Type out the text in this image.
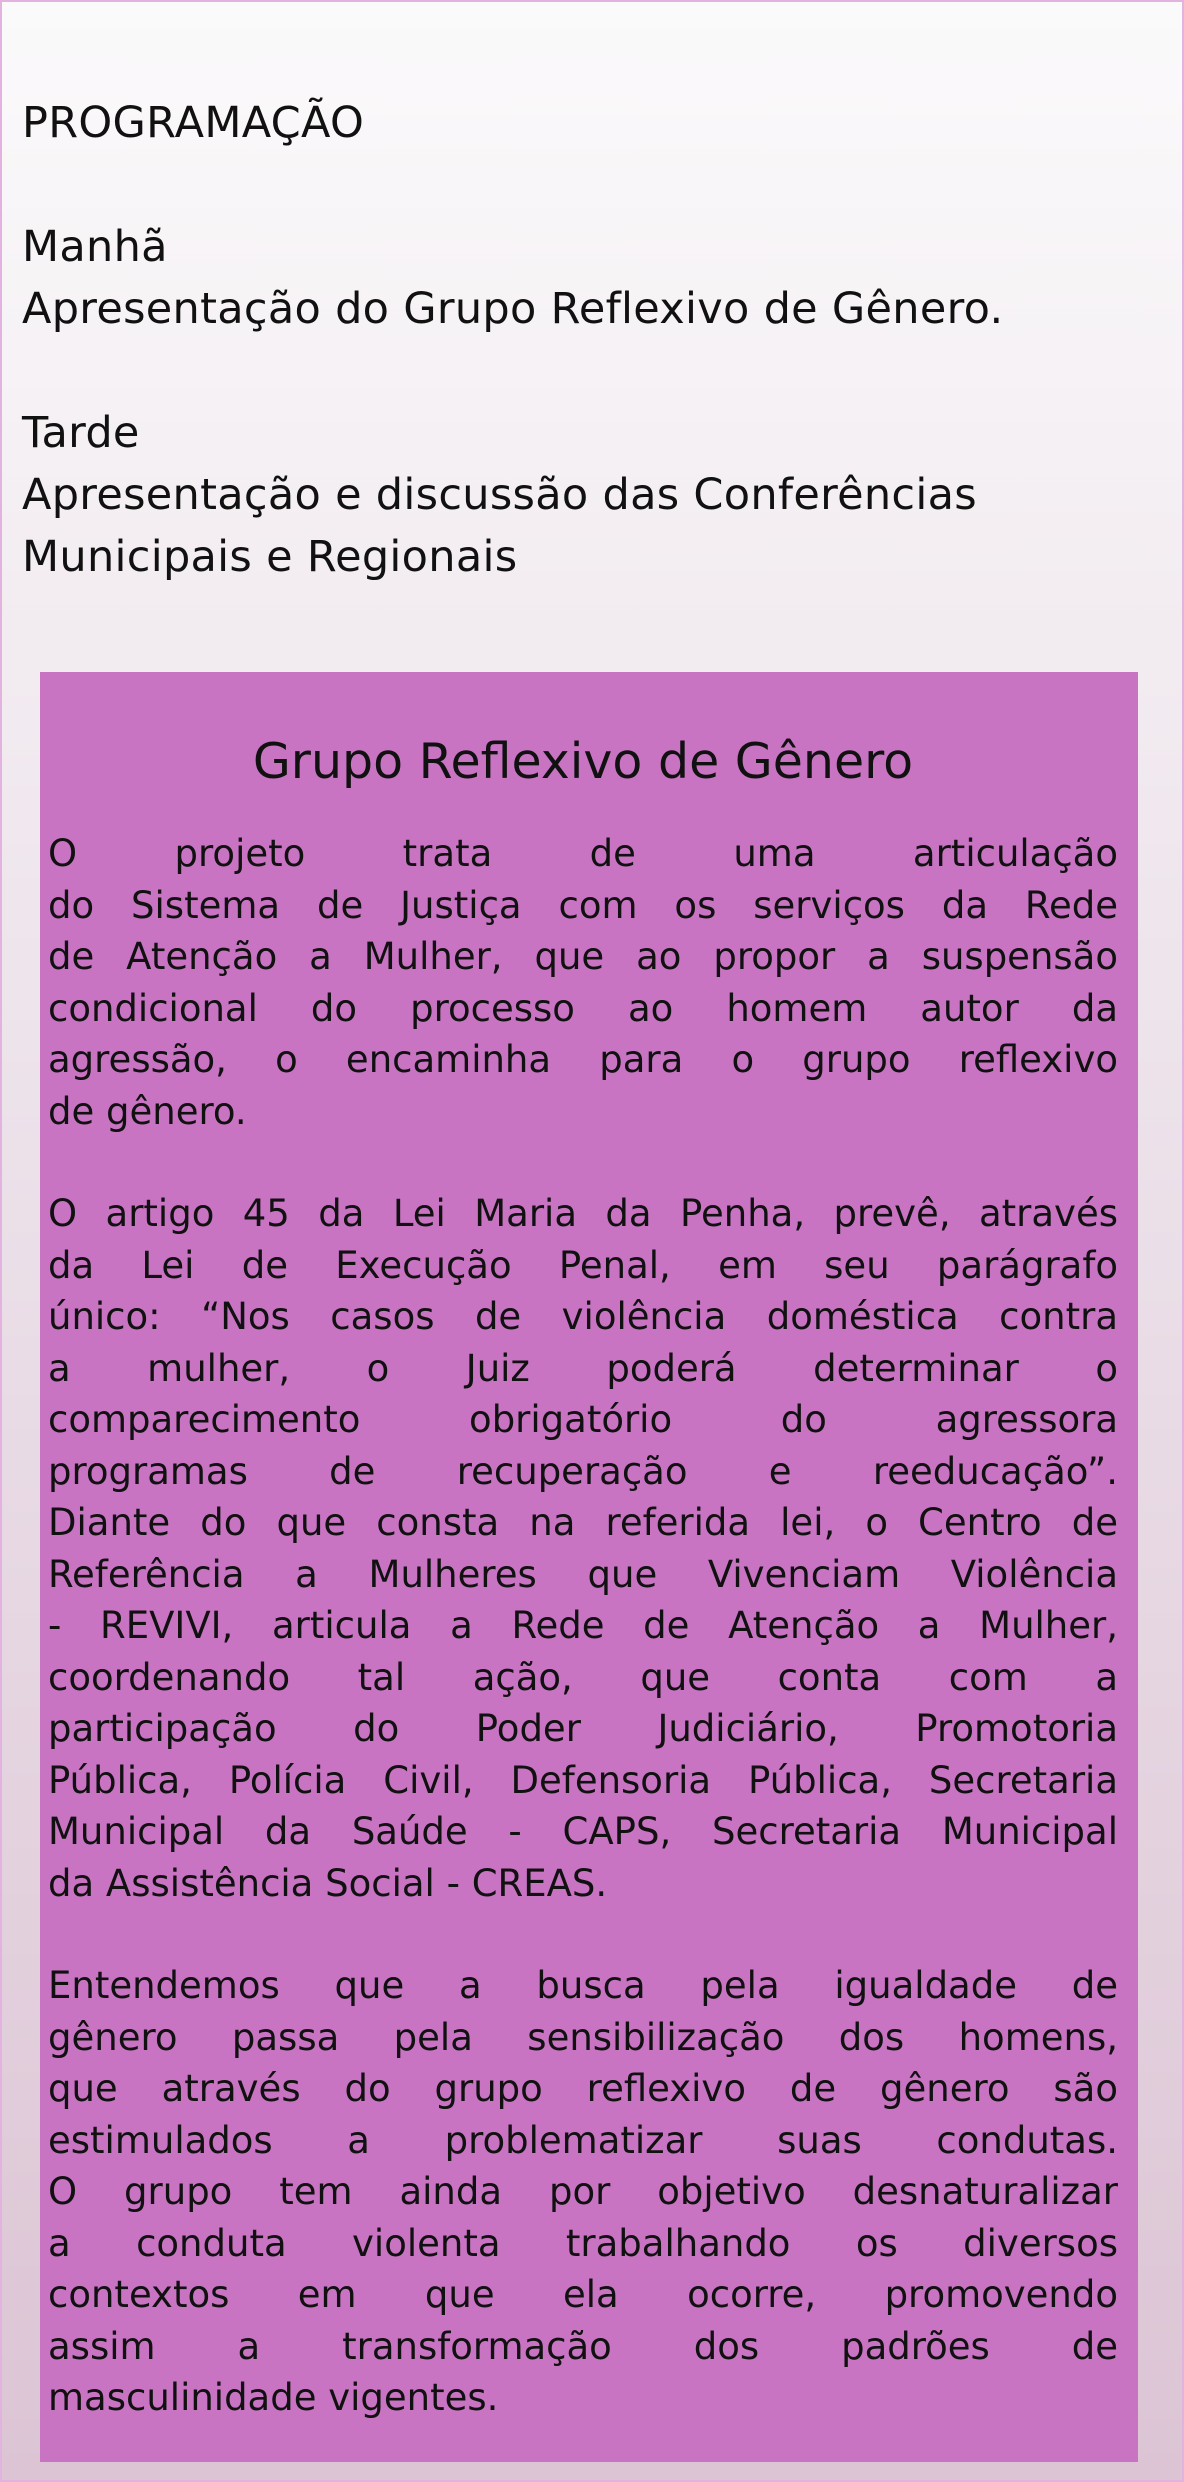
PROGRAMAÇÃO
Manhã
Apresentação do Grupo Reflexivo de Gênero.
Tarde
Apresentação e discussão das Conferências
Municipais e Regionais
Grupo Reflexivo de Gênero

O projeto trata de uma articulação
do Sistema de Justiça com os serviços da Rede
de Atenção a Mulher, que ao propor a suspensão
condicional do processo ao homem autor da
agressão, o encaminha para o grupo reflexivo
de gênero.

O artigo 45 da Lei Maria da Penha, prevê, através
da Lei de Execução Penal, em seu parágrafo
único: “Nos casos de violência doméstica contra
a mulher, o Juiz poderá determinar o
comparecimento obrigatório do agressora
programas de recuperação e reeducação”.
Diante do que consta na referida lei, o Centro de
Referência a Mulheres que Vivenciam Violência
- REVIVI, articula a Rede de Atenção a Mulher,
coordenando tal ação, que conta com a
participação do Poder Judiciário, Promotoria
Pública, Polícia Civil, Defensoria Pública, Secretaria
Municipal da Saúde - CAPS, Secretaria Municipal
da Assistência Social - CREAS.

Entendemos que a busca pela igualdade de
gênero passa pela sensibilização dos homens,
que através do grupo reflexivo de gênero são
estimulados a problematizar suas condutas.
O grupo tem ainda por objetivo desnaturalizar
a conduta violenta trabalhando os diversos
contextos em que ela ocorre, promovendo
assim a transformação dos padrões de
masculinidade vigentes.
